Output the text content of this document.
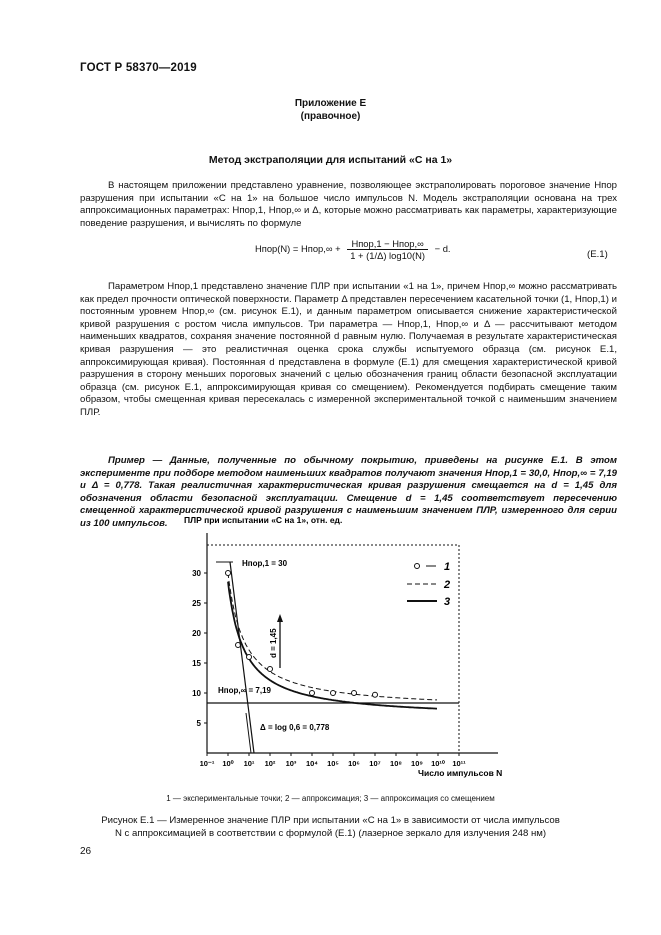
ГОСТ Р 58370—2019
Приложение Е
(правочное)
Метод экстраполяции для испытаний «С на 1»

В настоящем приложении представлено уравнение, позволяющее экстраполировать пороговое значение Hпор разрушения при испытании «С на 1» на большое число импульсов N. Модель экстраполяции основана на трех аппроксимационных параметрах: Hпор,1, Hпор,∞ и Δ, которые можно рассматривать как параметры, характеризующие поведение разрушения, и вычислять по формуле

Hпор(N) = Hпор,∞ +	Hпор,1 − Hпор,∞
1 + (1/Δ) log10(N)
− d.
(Е.1)

Параметром Hпор,1 представлено значение ПЛР при испытании «1 на 1», причем Hпор,∞ можно рассматривать как предел прочности оптической поверхности. Параметр Δ представлен пересечением касательной точки (1, Hпор,1) и постоянным уровнем Hпор,∞ (см. рисунок Е.1), и данным параметром описывается снижение характеристической кривой разрушения с ростом числа импульсов. Три параметра — Hпор,1, Hпор,∞ и Δ — рассчитывают методом наименьших квадратов, сохраняя значение постоянной d равным нулю. Получаемая в результате характеристическая кривая разрушения — это реалистичная оценка срока службы испытуемого образца (см. рисунок Е.1, аппроксимирующая кривая). Постоянная d представлена в формуле (Е.1) для смещения характеристической кривой разрушения в сторону меньших пороговых значений с целью обозначения границ области безопасной эксплуатации образца (см. рисунок Е.1, аппроксимирующая кривая со смещением). Рекомендуется подбирать смещение таким образом, чтобы смещенная кривая пересекалась с измеренной экспериментальной точкой с наименьшим значением ПЛР.

Пример — Данные, полученные по обычному покрытию, приведены на рисунке Е.1. В этом эксперименте при подборе методом наименьших квадратов получают значения Hпор,1 = 30,0, Hпор,∞ = 7,19 и Δ = 0,778. Такая реалистичная характеристическая кривая разрушения смещается на d = 1,45 для обозначения области безопасной эксплуатации. Смещение d = 1,45 соответствует пересечению смещенной характеристической кривой разрушения с наименьшим значением ПЛР, измеренного для серии из 100 импульсов.	ПЛР при испытании «С на 1», отн. ед.
Число импульсов N
30
25
20
15
10
5
10⁻¹ 10⁰ 10¹ 10² 10³ 10⁴ 10⁵ 10⁶ 10⁷ 10⁸ 10⁹ 10¹⁰ 10¹¹
Hпор,1 = 30
Hпор,∞ = 7,19
Δ = log 0,6 = 0,778
d = 1,45
1
2
3
1 — экспериментальные точки; 2 — аппроксимация; 3 — аппроксимация со смещением
Рисунок Е.1 — Измеренное значение ПЛР при испытании «С на 1» в зависимости от числа импульсов N с аппроксимацией в соответствии с формулой (Е.1) (лазерное зеркало для излучения 248 нм)
26
